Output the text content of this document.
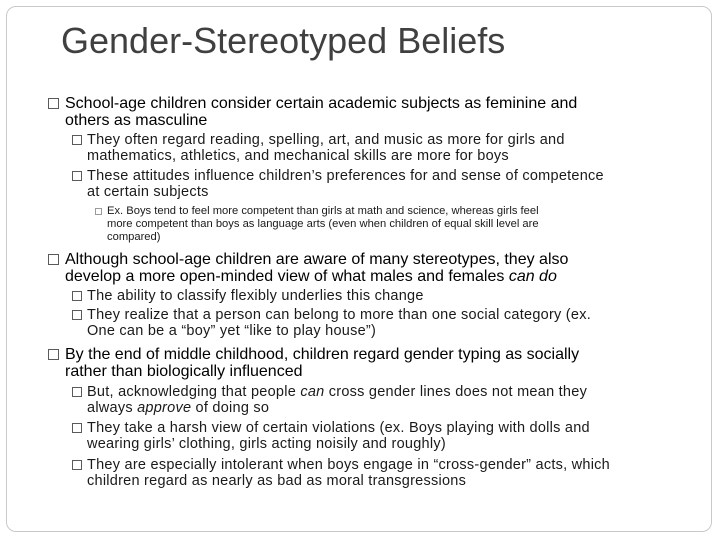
Gender-Stereotyped Beliefs
School-age children consider certain academic subjects as feminine and
others as masculine
They often regard reading, spelling, art, and music as more for girls and
mathematics, athletics, and mechanical skills are more for boys
These attitudes influence children’s preferences for and sense of competence
at certain subjects
Ex. Boys tend to feel more competent than girls at math and science, whereas girls feel
more competent than boys as language arts (even when children of equal skill level are
compared)
Although school-age children are aware of many stereotypes, they also
develop a more open-minded view of what males and females can do
The ability to classify flexibly underlies this change
They realize that a person can belong to more than one social category (ex.
One can be a “boy” yet “like to play house”)
By the end of middle childhood, children regard gender typing as socially
rather than biologically influenced
But, acknowledging that people can cross gender lines does not mean they
always approve of doing so
They take a harsh view of certain violations (ex. Boys playing with dolls and
wearing girls’ clothing, girls acting noisily and roughly)
They are especially intolerant when boys engage in “cross-gender” acts, which
children regard as nearly as bad as moral transgressions
